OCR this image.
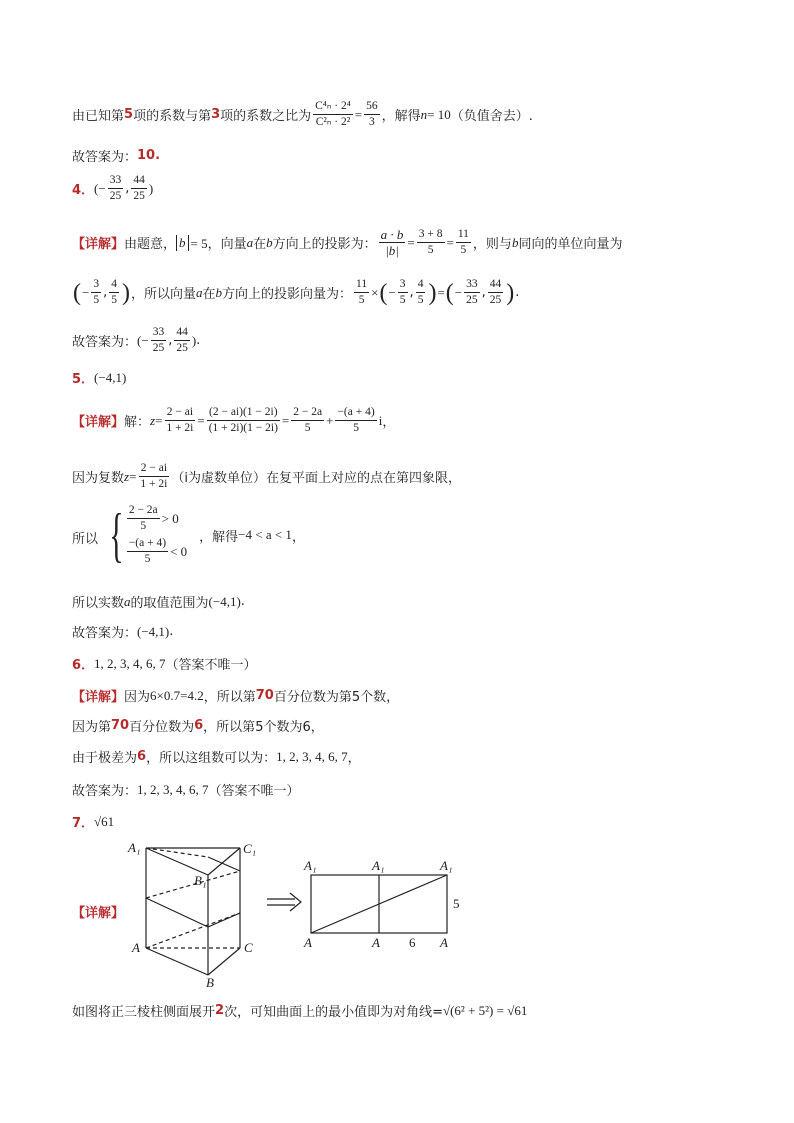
由已知第 5 项的系数与第 3 项的系数之比为 $\frac{\text{C⁴ₙ · 2⁴}}{\text{C²ₙ · 2²}} = \frac{56}{3}$ ，解得 n = 10 （负值舍去）.
故答案为： 10 .
4． (− $\frac{33}{25}$ , $\frac{44}{25}$ )
【详解】 由题意， b = 5，向量 a 在 b 方向上的投影为： $\frac{a \cdot b}{|b|} = \frac{3 + 8}{5} = \frac{11}{5}$ ，则与 b 同向的单位向量为
( − $\frac{3}{5}$ , $\frac{4}{5}$ ) ，所以向量 a 在 b 方向上的投影向量为： $\frac{11}{5}$ × ( − $\frac{3}{5}$ , $\frac{4}{5}$ ) = ( − $\frac{33}{25}$ , $\frac{44}{25}$ ) .
故答案为： (− $\frac{33}{25}$ , $\frac{44}{25}$ ) .
5． (−4,1)
【详解】 解： $z = \frac{2 - ai}{1 + 2i} = \frac{(2 - ai)(1 - 2i)}{(1 + 2i)(1 - 2i)} = \frac{2 - 2a}{5} + \frac{-(a + 4)}{5}$ i ，
因为复数 $z = \frac{2 - ai}{1 + 2i} (i$为虚数单位）在复平面上对应的点在第四象限，
所以 { $\frac{2 - 2a}{5} > 0$
$\frac{-(a + 4)}{5} < 0$
，解得 −4 < a < 1 ，
所以实数 a 的取值范围为 (−4,1) .
故答案为： (−4,1) .
6． 1, 2, 3, 4, 6, 7 （答案不唯一）
【详解】 因为 6×0.7=4.2 ，所以第 70 百分位数为第 5个数，
因为第 70 百分位数为 6 ，所以第 5个数为 6，
由于极差为 6 ，所以这组数可以为： 1, 2, 3, 4, 6, 7 ，
故答案为： 1, 2, 3, 4, 6, 7 （答案不唯一）
7． √61
【详解】
A₁	C₁
B₁
A	C
B
A₁	A₁	A₁
A	A	A
6
5
如图将正三棱柱侧面展开 2 次，可知曲面上的最小值即为对角线= √(6² + 5²) = √61
